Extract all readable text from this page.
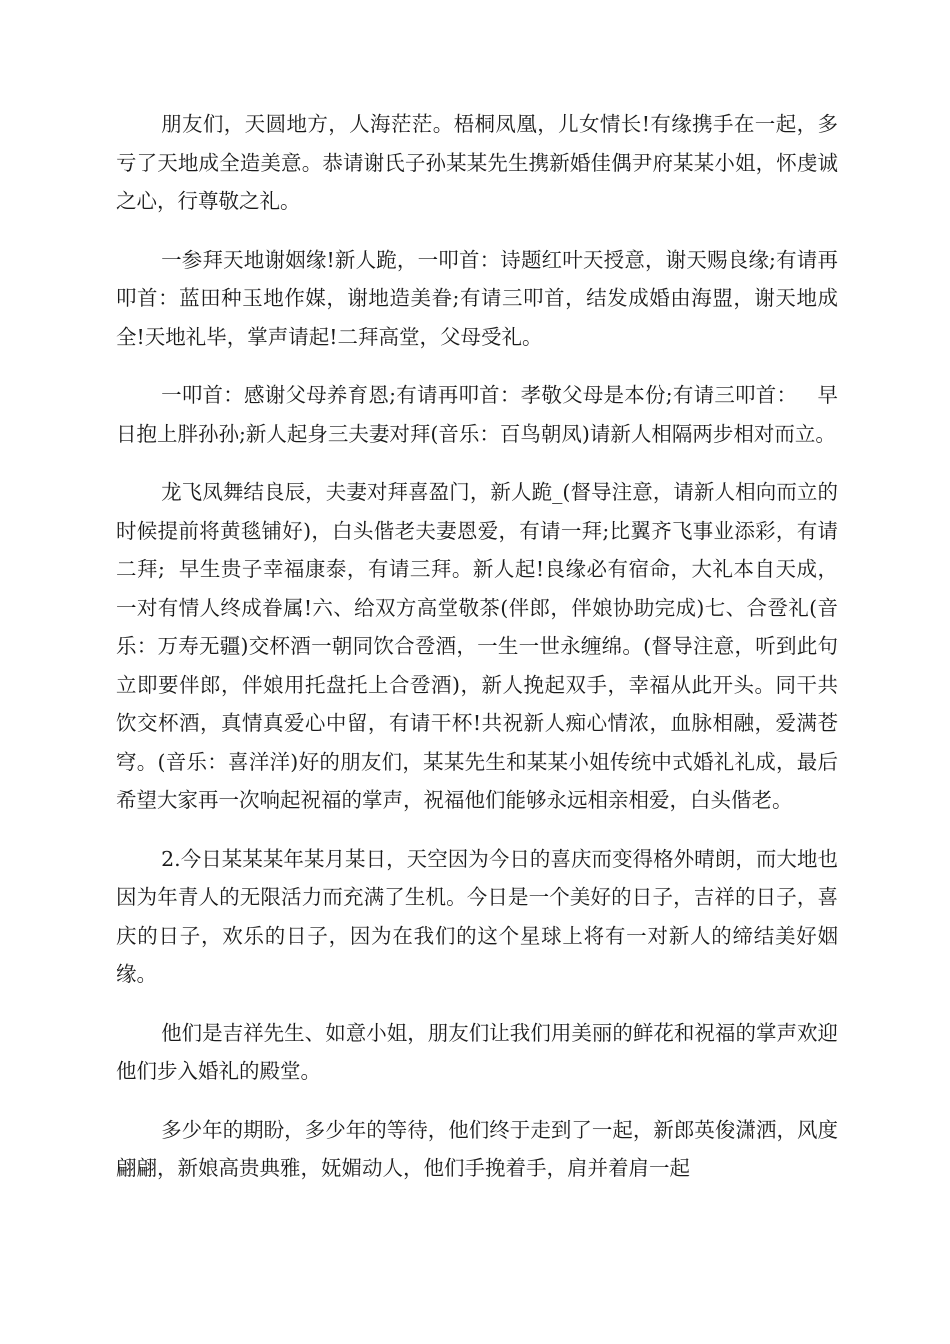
朋友们，天圆地方，人海茫茫。梧桐凤凰，儿女情长!有缘携手在一起，多亏了天地成全造美意。恭请谢氏子孙某某先生携新婚佳偶尹府某某小姐，怀虔诚之心，行尊敬之礼。

一参拜天地谢姻缘!新人跪，一叩首：诗题红叶天授意，谢天赐良缘;有请再叩首：蓝田种玉地作媒，谢地造美眷;有请三叩首，结发成婚由海盟，谢天地成全!天地礼毕，掌声请起!二拜高堂，父母受礼。

一叩首：感谢父母养育恩;有请再叩首：孝敬父母是本份;有请三叩首：   早日抱上胖孙孙;新人起身三夫妻对拜(音乐：百鸟朝凤)请新人相隔两步相对而立。

龙飞凤舞结良辰，夫妻对拜喜盈门，新人跪_(督导注意，请新人相向而立的时候提前将黄毯铺好)，白头偕老夫妻恩爱，有请一拜;比翼齐飞事业添彩，有请二拜;  早生贵子幸福康泰，有请三拜。新人起!良缘必有宿命，大礼本自天成，一对有情人终成眷属!六、给双方高堂敬茶(伴郎，伴娘协助完成)七、合卺礼(音乐：万寿无疆)交杯酒一朝同饮合卺酒，一生一世永缠绵。(督导注意，听到此句立即要伴郎，伴娘用托盘托上合卺酒)，新人挽起双手，幸福从此开头。同干共饮交杯酒，真情真爱心中留，有请干杯!共祝新人痴心情浓，血脉相融，爱满苍穹。(音乐：喜洋洋)好的朋友们，某某先生和某某小姐传统中式婚礼礼成，最后希望大家再一次响起祝福的掌声，祝福他们能够永远相亲相爱，白头偕老。

2.今日某某某年某月某日，天空因为今日的喜庆而变得格外晴朗，而大地也因为年青人的无限活力而充满了生机。今日是一个美好的日子，吉祥的日子，喜庆的日子，欢乐的日子，因为在我们的这个星球上将有一对新人的缔结美好姻缘。

他们是吉祥先生、如意小姐，朋友们让我们用美丽的鲜花和祝福的掌声欢迎他们步入婚礼的殿堂。

多少年的期盼，多少年的等待，他们终于走到了一起，新郎英俊潇洒，风度翩翩，新娘高贵典雅，妩媚动人，他们手挽着手，肩并着肩一起
